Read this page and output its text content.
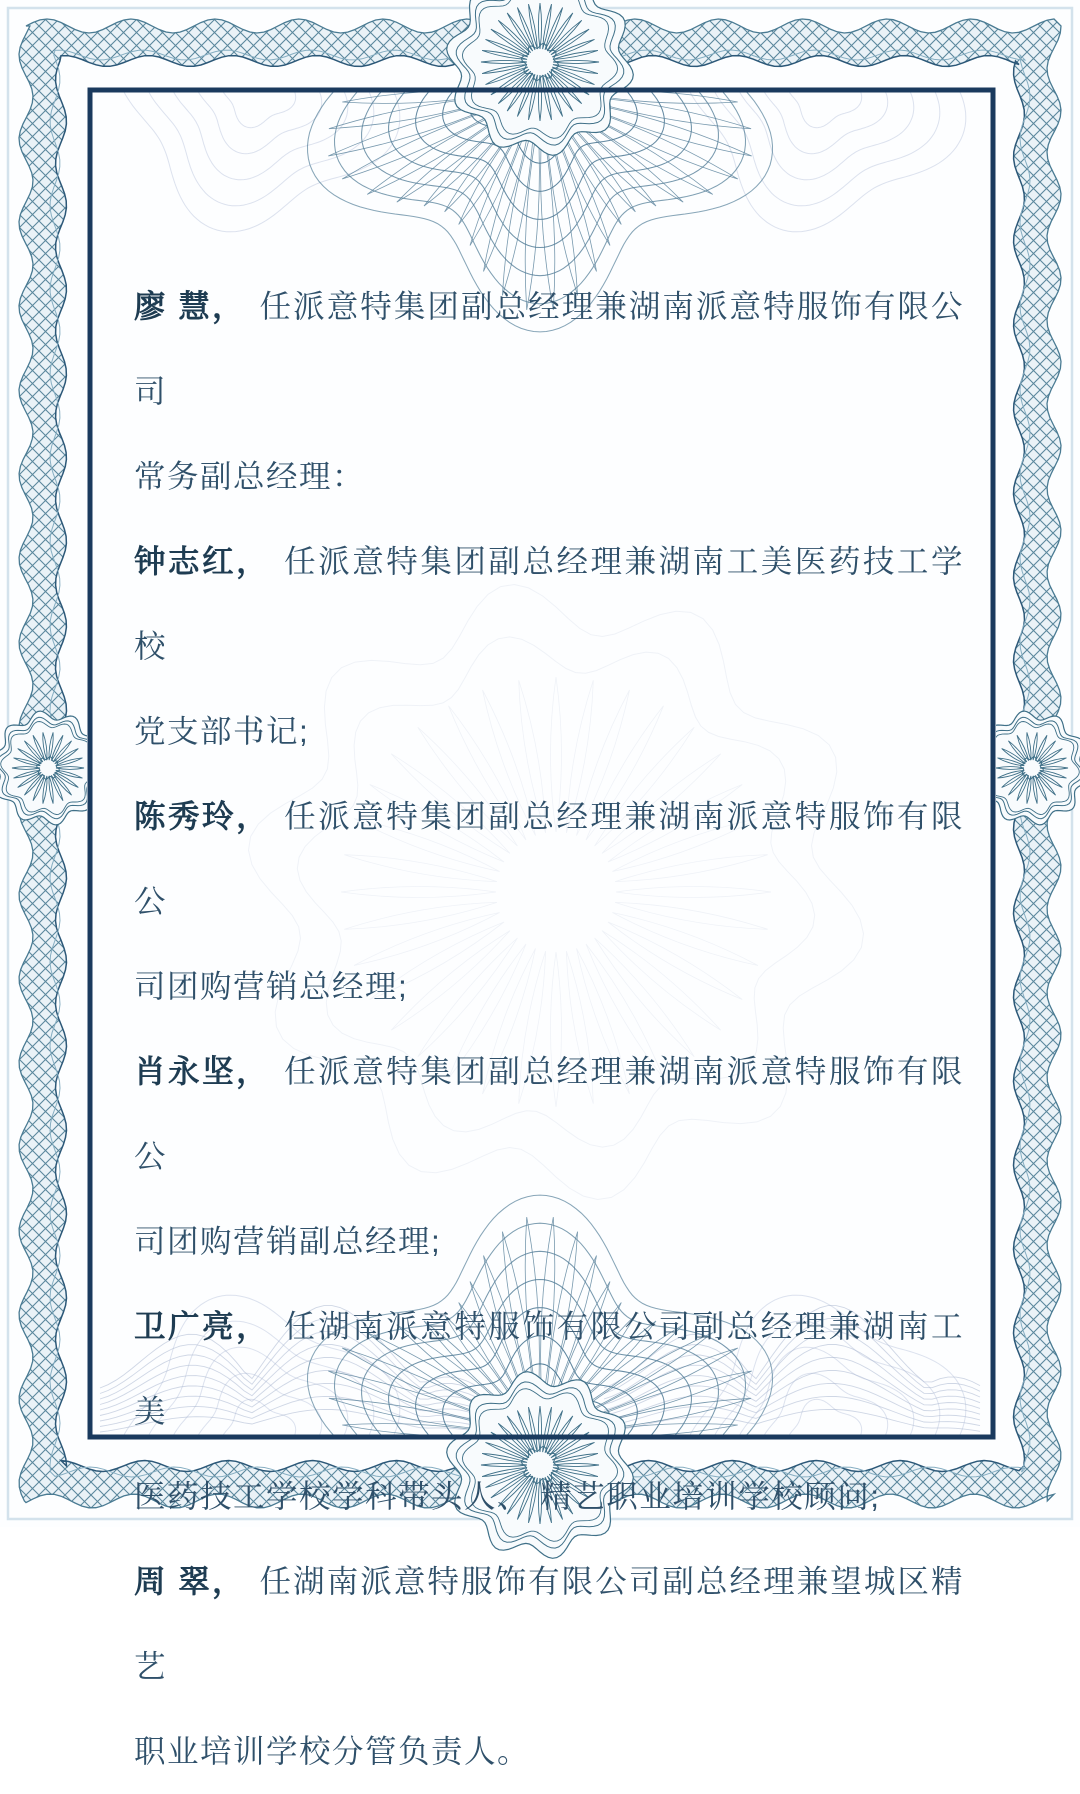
廖 慧， 任派意特集团副总经理兼湖南派意特服饰有限公司
常务副总经理：

钟志红， 任派意特集团副总经理兼湖南工美医药技工学校
党支部书记;

陈秀玲， 任派意特集团副总经理兼湖南派意特服饰有限公
司团购营销总经理;

肖永坚， 任派意特集团副总经理兼湖南派意特服饰有限公
司团购营销副总经理;

卫广亮， 任湖南派意特服饰有限公司副总经理兼湖南工美
医药技工学校学科带头人、 精艺职业培训学校顾问;

周 翠， 任湖南派意特服饰有限公司副总经理兼望城区精艺
职业培训学校分管负责人。
